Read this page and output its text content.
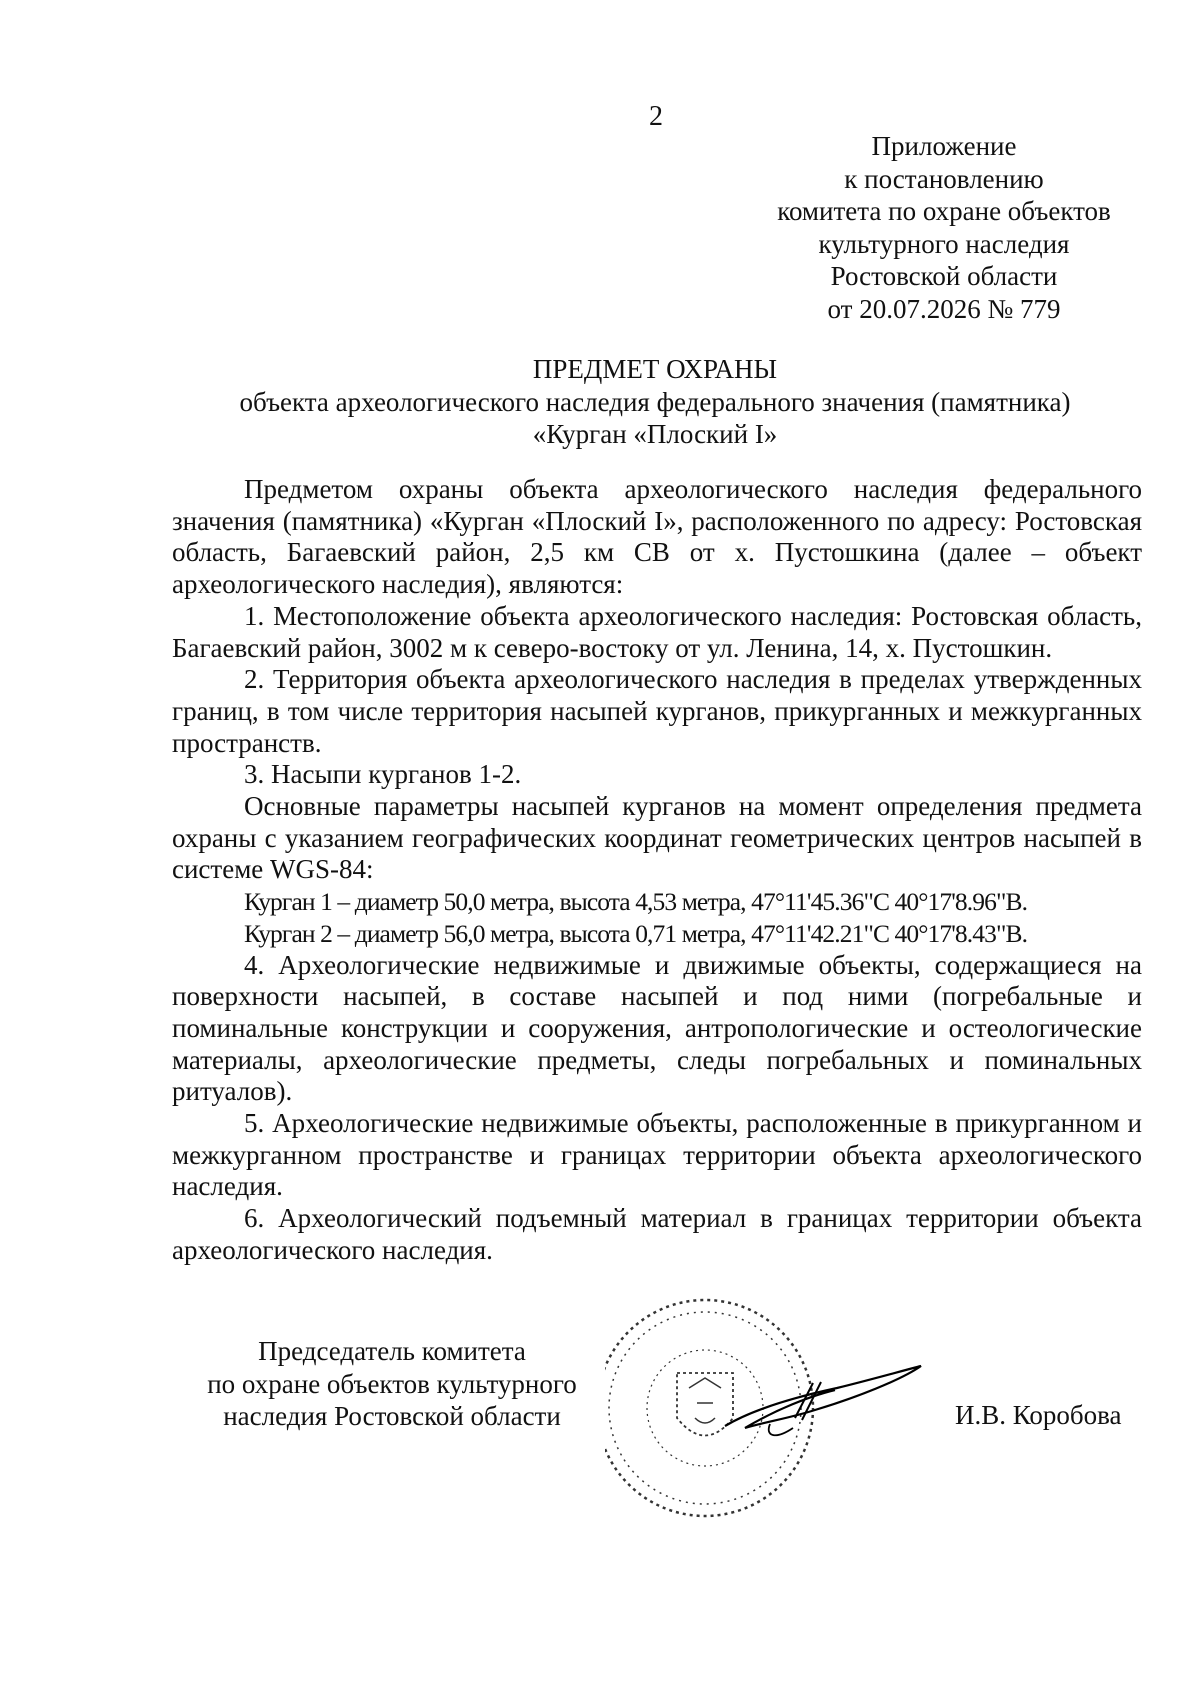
2
Приложение
к постановлению
комитета по охране объектов
культурного наследия
Ростовской области
от 20.07.2026 № 779
ПРЕДМЕТ ОХРАНЫ
объекта археологического наследия федерального значения (памятника)
«Курган «Плоский I»

Предметом охраны объекта археологического наследия федерального значения (памятника) «Курган «Плоский I», расположенного по адресу: Ростовская область, Багаевский район, 2,5 км СВ от х. Пустошкина (далее – объект археологического наследия), являются:

1. Местоположение объекта археологического наследия: Ростовская область, Багаевский район, 3002 м к северо-востоку от ул. Ленина, 14, х. Пустошкин.

2. Территория объекта археологического наследия в пределах утвержденных границ, в том числе территория насыпей курганов, прикурганных и межкурганных пространств.

3. Насыпи курганов 1-2.

Основные параметры насыпей курганов на момент определения предмета охраны с указанием географических координат геометрических центров насыпей в системе WGS-84:

Курган 1 – диаметр 50,0 метра, высота 4,53 метра, 47°11'45.36"С 40°17'8.96"В.

Курган 2 – диаметр 56,0 метра, высота 0,71 метра, 47°11'42.21"С 40°17'8.43"В.

4. Археологические недвижимые и движимые объекты, содержащиеся на поверхности насыпей, в составе насыпей и под ними (погребальные и поминальные конструкции и сооружения, антропологические и остеологические материалы, археологические предметы, следы погребальных и поминальных ритуалов).

5. Археологические недвижимые объекты, расположенные в прикурганном и межкурганном пространстве и границах территории объекта археологического наследия.

6. Археологический подъемный материал в границах территории объекта археологического наследия.

Председатель комитета
по охране объектов культурного
наследия Ростовской области	И.В. Коробова
